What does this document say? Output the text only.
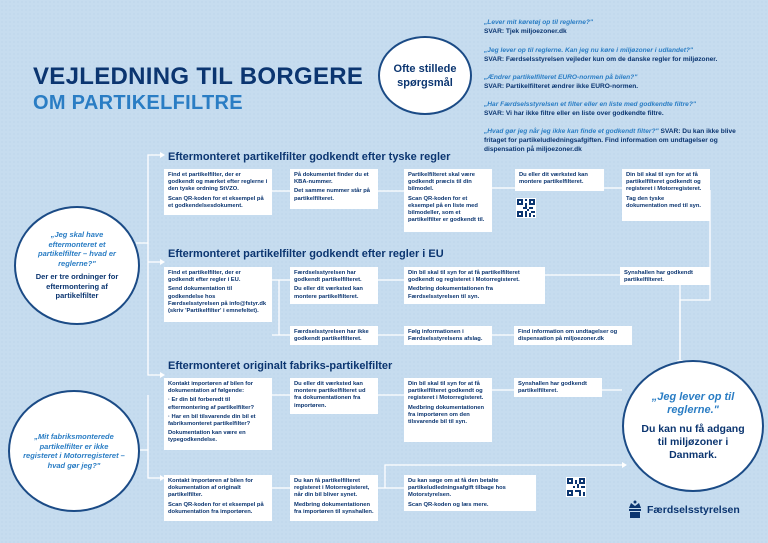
VEJLEDNING TIL BORGERE
OM PARTIKELFILTRE
Ofte stillede spørgsmål
„Lever mit køretøj op til reglerne?"
SVAR: Tjek miljoezoner.dk
„Jeg lever op til reglerne. Kan jeg nu køre i miljøzoner i udlandet?"
SVAR: Færdselsstyrelsen vejleder kun om de danske regler for miljøzoner.
„Ændrer partikelfilteret EURO-normen på bilen?"
SVAR: Partikelfilteret ændrer ikke EURO-normen.
„Har Færdselsstyrelsen et filter eller en liste med godkendte filtre?"
SVAR: Vi har ikke filtre eller en liste over godkendte filtre.
„Hvad gør jeg når jeg ikke kan finde et godkendt filter?" SVAR: Du kan ikke blive fritaget for partikeludledningsafgiften. Find information om undtagelser og dispensation på miljoezoner.dk
„Jeg skal have eftermonteret et partikelfilter – hvad er reglerne?"
Der er tre ordninger for eftermontering af partikelfilter
„Mit fabriksmonterede partikelfilter er ikke registeret i Motorregisteret – hvad gør jeg?"
„Jeg lever op til reglerne."
Du kan nu få adgang til miljøzoner i Danmark.
Eftermonteret partikelfilter godkendt efter tyske regler
Eftermonteret partikelfilter godkendt efter regler i EU
Eftermonteret originalt fabriks-partikelfilter

Find et partikelfilter, der er godkendt og mærket efter reglerne i den tyske ordning StVZO.

Scan QR-koden for et eksempel på et godkendelsesdokument.

På dokumentet finder du et KBA-nummer.

Det samme nummer står på partikelfilteret.

Partikelfilteret skal være godkendt præcis til din bilmodel.

Scan QR-koden for et eksempel på en liste med bilmodeller, som et partikelfilter er godkendt til.

Du eller dit værksted kan montere partikelfilteret.

Din bil skal til syn for at få partikelfilteret godkendt og registeret i Motorregisteret.

Tag den tyske dokumentation med til syn.

Find et partikelfilter, der er godkendt efter regler i EU.

Send dokumentation til godkendelse hos Færdselsstyrelsen på info@fstyr.dk (skriv 'Partikelfilter' i emnefeltet).

Færdselsstyrelsen har godkendt partikelfilteret.

Du eller dit værksted kan montere partikelfilteret.

Din bil skal til syn for at få partikelfilteret godkendt og registeret i Motorregisteret.

Medbring dokumentationen fra Færdselsstyrelsen til syn.

Synshallen har godkendt partikelfilteret.

Færdselsstyrelsen har ikke godkendt partikelfilteret.

Følg informationen i Færdselsstyrelsens afslag.

Find information om undtagelser og dispensation på miljoezoner.dk

Kontakt importøren af bilen for dokumentation af følgende:

· Er din bil forberedt til eftermontering af partikelfilter?

· Har en bil tilsvarende din bil et fabriksmonteret partikelfilter?

Dokumentation kan være en typegodkendelse.

Du eller dit værksted kan montere partikelfilteret ud fra dokumentationen fra importøren.

Din bil skal til syn for at få partikelfilteret godkendt og registeret i Motorregisteret.

Medbring dokumentationen fra importøren om den tilsvarende bil til syn.

Synshallen har godkendt partikelfilteret.

Kontakt importøren af bilen for dokumentation af originalt partikelfilter.

Scan QR-koden for et eksempel på dokumentation fra importøren.

Du kan få partikelfilteret registeret i Motorregisteret, når din bil bliver synet.

Medbring dokumentationen fra importøren til synshallen.

Du kan søge om at få den betalte partikeludledningsafgift tilbage hos Motorstyrelsen.

Scan QR-koden og læs mere.	Færdselsstyrelsen
